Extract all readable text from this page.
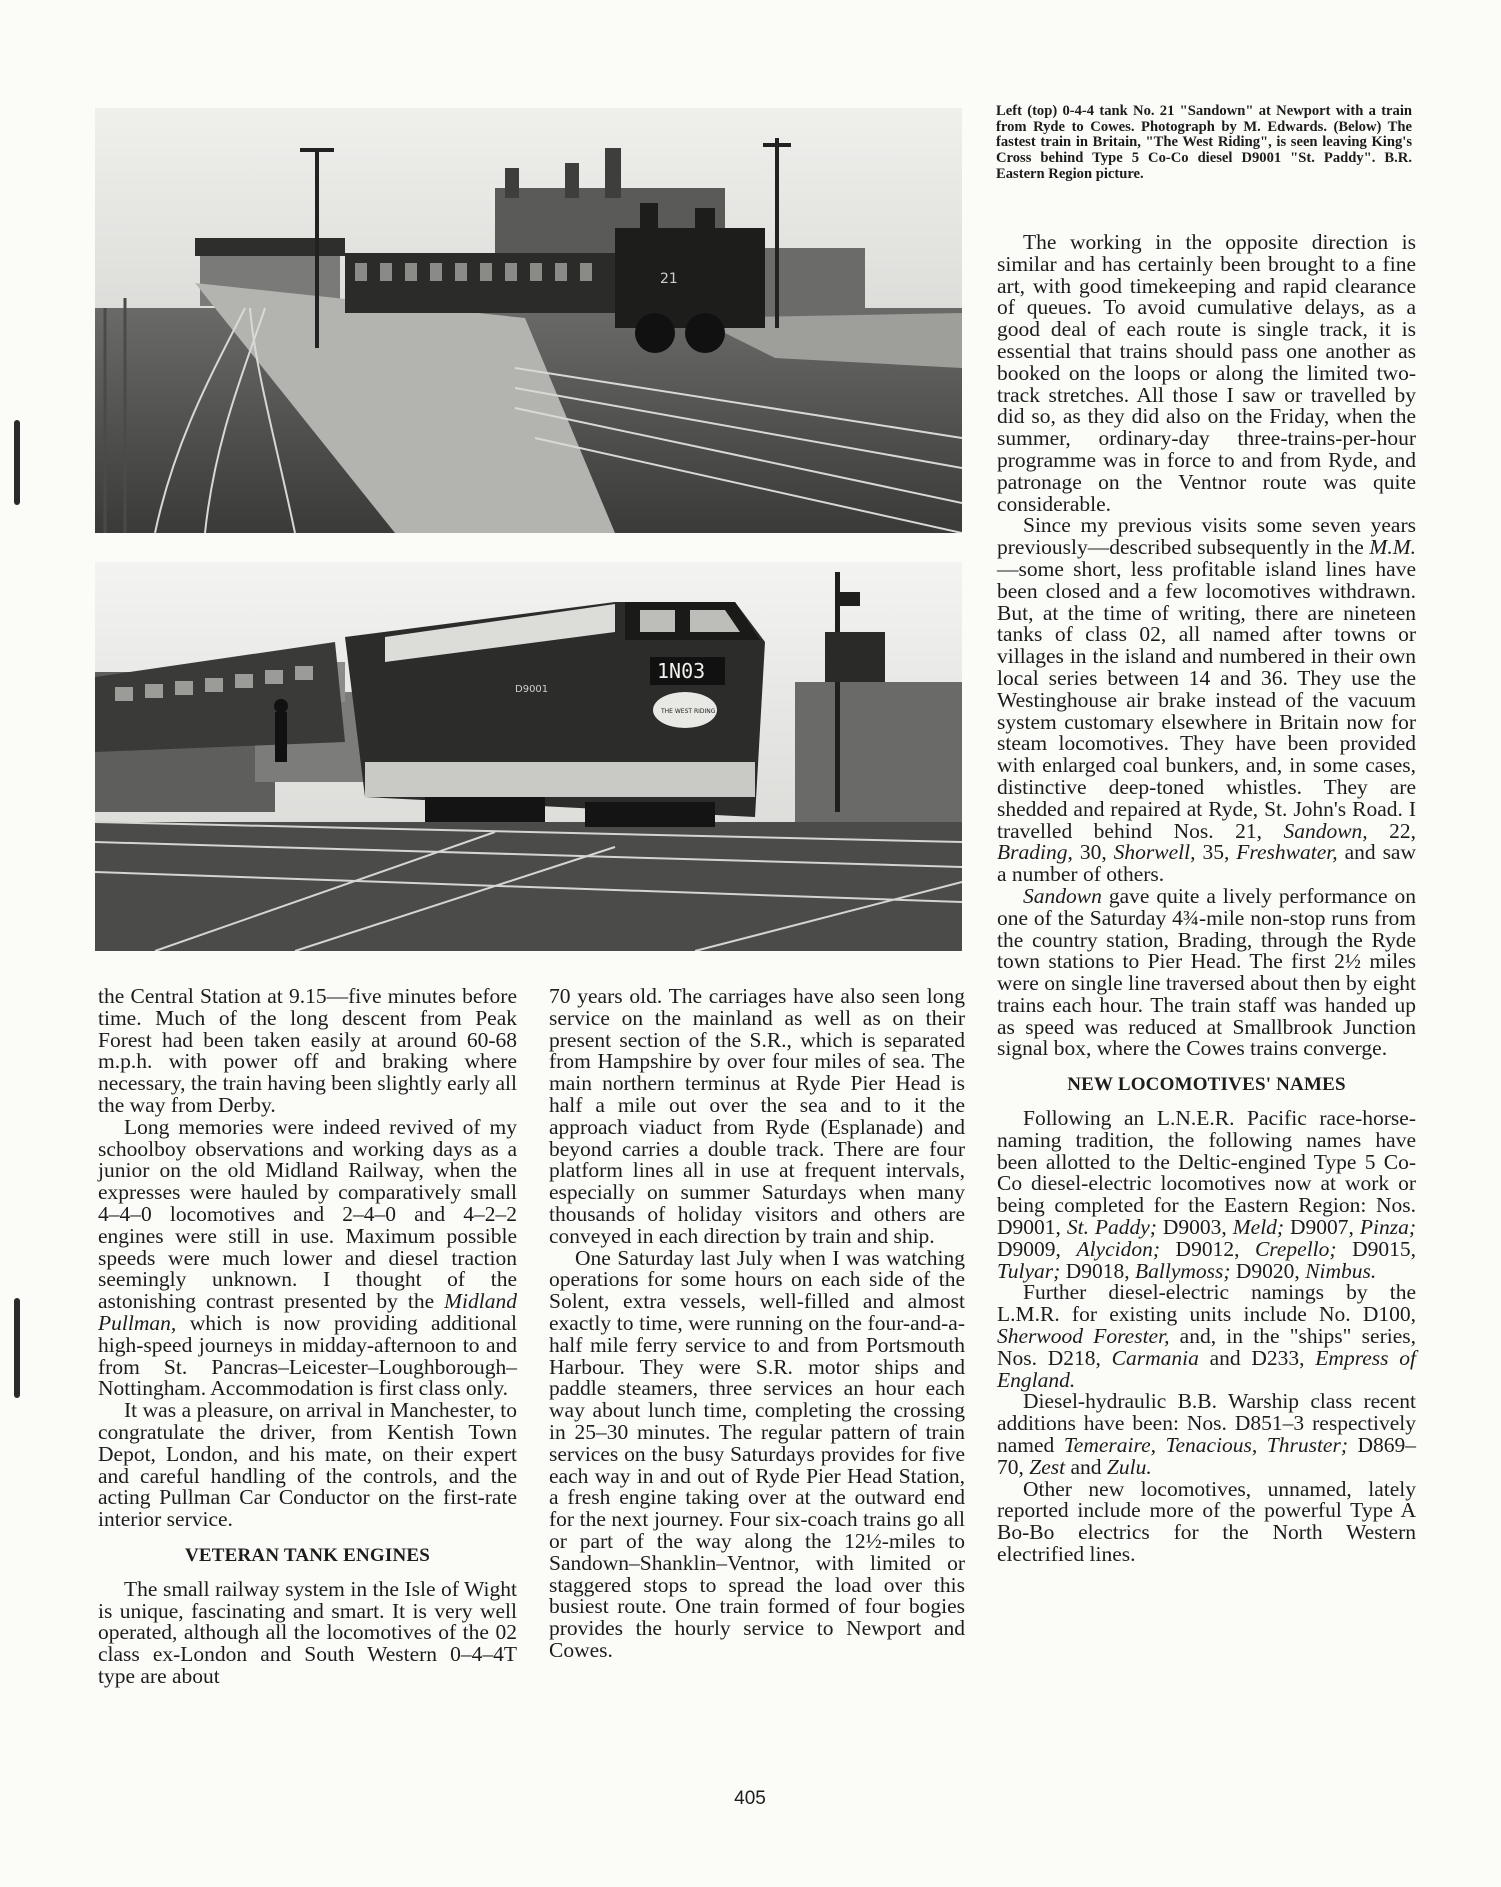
21
1N03
THE WEST RIDING
D9001

Left (top) 0-4-4 tank No. 21 "Sandown" at Newport with a train from Ryde to Cowes. Photograph by M. Edwards. (Below) The fastest train in Britain, "The West Riding", is seen leaving King's Cross behind Type 5 Co-Co diesel D9001 "St. Paddy". B.R. Eastern Region picture.

the Central Station at 9.15—five minutes before time. Much of the long descent from Peak Forest had been taken easily at around 60-68 m.p.h. with power off and braking where necessary, the train having been slightly early all the way from Derby.

Long memories were indeed revived of my schoolboy observations and working days as a junior on the old Midland Railway, when the expresses were hauled by comparatively small 4–4–0 locomotives and 2–4–0 and 4–2–2 engines were still in use. Maximum possible speeds were much lower and diesel traction seemingly unknown. I thought of the astonishing contrast presented by the Midland Pullman, which is now providing additional high-speed journeys in midday-afternoon to and from St. Pancras–Leicester–Loughborough–Nottingham. Accommodation is first class only.

It was a pleasure, on arrival in Manchester, to congratulate the driver, from Kentish Town Depot, London, and his mate, on their expert and careful handling of the controls, and the acting Pullman Car Conductor on the first-rate interior service.

VETERAN TANK ENGINES

The small railway system in the Isle of Wight is unique, fascinating and smart. It is very well operated, although all the locomotives of the 02 class ex-London and South Western 0–4–4T type are about

70 years old. The carriages have also seen long service on the mainland as well as on their present section of the S.R., which is separated from Hampshire by over four miles of sea. The main northern terminus at Ryde Pier Head is half a mile out over the sea and to it the approach viaduct from Ryde (Esplanade) and beyond carries a double track. There are four platform lines all in use at frequent intervals, especially on summer Saturdays when many thousands of holiday visitors and others are conveyed in each direction by train and ship.

One Saturday last July when I was watching operations for some hours on each side of the Solent, extra vessels, well-filled and almost exactly to time, were running on the four-and-a-half mile ferry service to and from Portsmouth Harbour. They were S.R. motor ships and paddle steamers, three services an hour each way about lunch time, completing the crossing in 25–30 minutes. The regular pattern of train services on the busy Saturdays provides for five each way in and out of Ryde Pier Head Station, a fresh engine taking over at the outward end for the next journey. Four six-coach trains go all or part of the way along the 12½-miles to Sandown–Shanklin–Ventnor, with limited or staggered stops to spread the load over this busiest route. One train formed of four bogies provides the hourly service to Newport and Cowes.

The working in the opposite direction is similar and has certainly been brought to a fine art, with good timekeeping and rapid clearance of queues. To avoid cumulative delays, as a good deal of each route is single track, it is essential that trains should pass one another as booked on the loops or along the limited two-track stretches. All those I saw or travelled by did so, as they did also on the Friday, when the summer, ordinary-day three-trains-per-hour programme was in force to and from Ryde, and patronage on the Ventnor route was quite considerable.

Since my previous visits some seven years previously—described subsequently in the M.M.—some short, less profitable island lines have been closed and a few locomotives withdrawn. But, at the time of writing, there are nineteen tanks of class 02, all named after towns or villages in the island and numbered in their own local series between 14 and 36. They use the Westinghouse air brake instead of the vacuum system customary elsewhere in Britain now for steam locomotives. They have been provided with enlarged coal bunkers, and, in some cases, distinctive deep-toned whistles. They are shedded and repaired at Ryde, St. John's Road. I travelled behind Nos. 21, Sandown, 22, Brading, 30, Shorwell, 35, Freshwater, and saw a number of others.

Sandown gave quite a lively performance on one of the Saturday 4¾-mile non-stop runs from the country station, Brading, through the Ryde town stations to Pier Head. The first 2½ miles were on single line traversed about then by eight trains each hour. The train staff was handed up as speed was reduced at Smallbrook Junction signal box, where the Cowes trains converge.

NEW LOCOMOTIVES' NAMES

Following an L.N.E.R. Pacific race-horse-naming tradition, the following names have been allotted to the Deltic-engined Type 5 Co-Co diesel-electric locomotives now at work or being completed for the Eastern Region: Nos. D9001, St. Paddy; D9003, Meld; D9007, Pinza; D9009, Alycidon; D9012, Crepello; D9015, Tulyar; D9018, Ballymoss; D9020, Nimbus.

Further diesel-electric namings by the L.M.R. for existing units include No. D100, Sherwood Forester, and, in the "ships" series, Nos. D218, Carmania and D233, Empress of England.

Diesel-hydraulic B.B. Warship class recent additions have been: Nos. D851–3 respectively named Temeraire, Tenacious, Thruster; D869–70, Zest and Zulu.

Other new locomotives, unnamed, lately reported include more of the powerful Type A Bo-Bo electrics for the North Western electrified lines.

405
